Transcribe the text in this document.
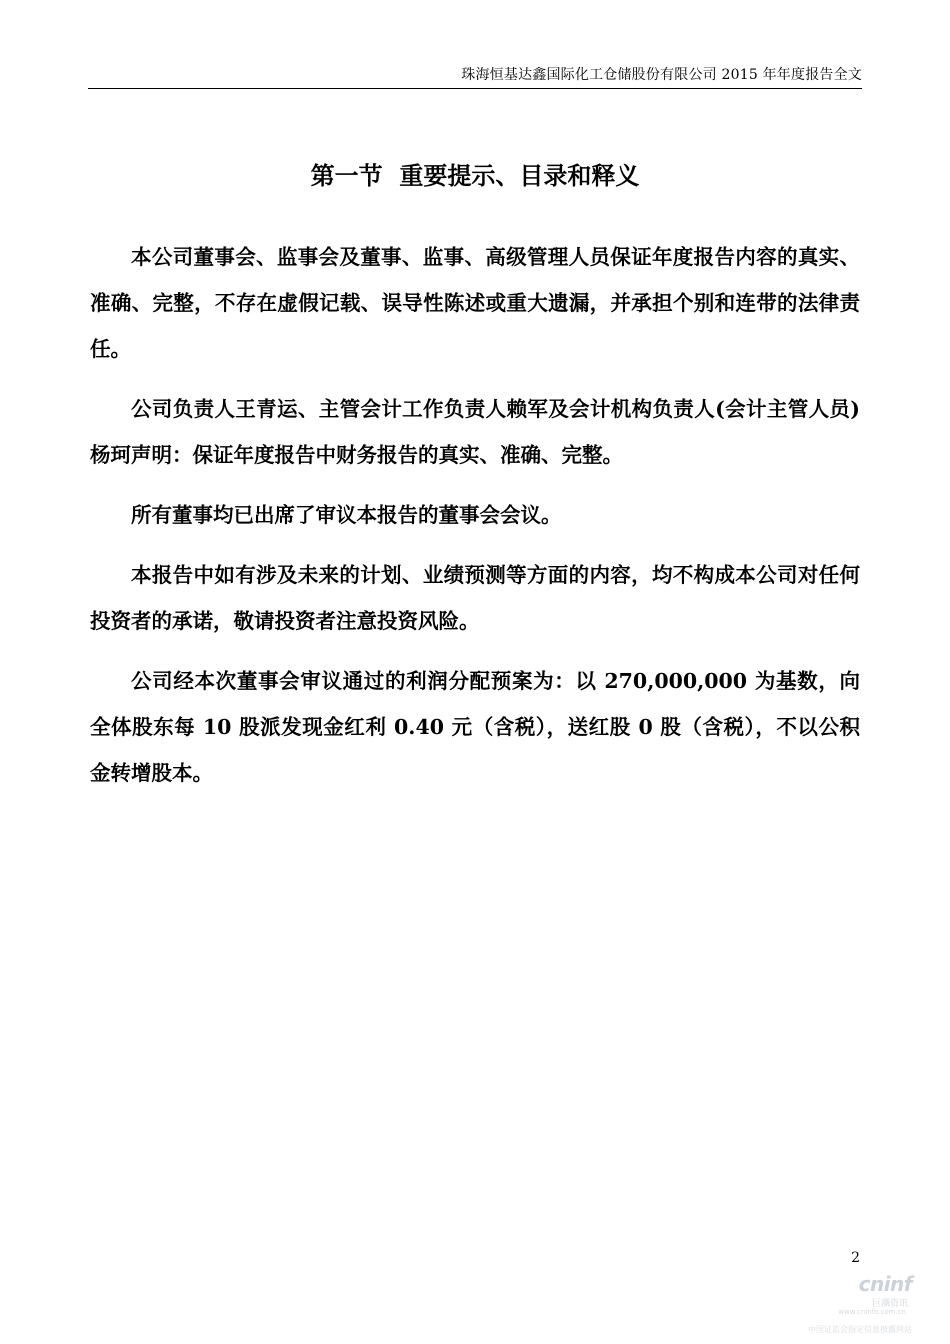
珠海恒基达鑫国际化工仓储股份有限公司 2015 年年度报告全文
第一节  重要提示、目录和释义

本公司董事会、监事会及董事、监事、高级管理人员保证年度报告内容的真实、准确、完整，不存在虚假记载、误导性陈述或重大遗漏，并承担个别和连带的法律责任。

公司负责人王青运、主管会计工作负责人赖军及会计机构负责人(会计主管人员)杨珂声明：保证年度报告中财务报告的真实、准确、完整。

所有董事均已出席了审议本报告的董事会会议。

本报告中如有涉及未来的计划、业绩预测等方面的内容，均不构成本公司对任何投资者的承诺，敬请投资者注意投资风险。

公司经本次董事会审议通过的利润分配预案为：以 270,000,000 为基数，向全体股东每 10 股派发现金红利 0.40 元（含税），送红股 0 股（含税），不以公积金转增股本。

2
cninf
巨潮资讯
www.cninfo.com.cn
中国证监会指定信息披露网站
